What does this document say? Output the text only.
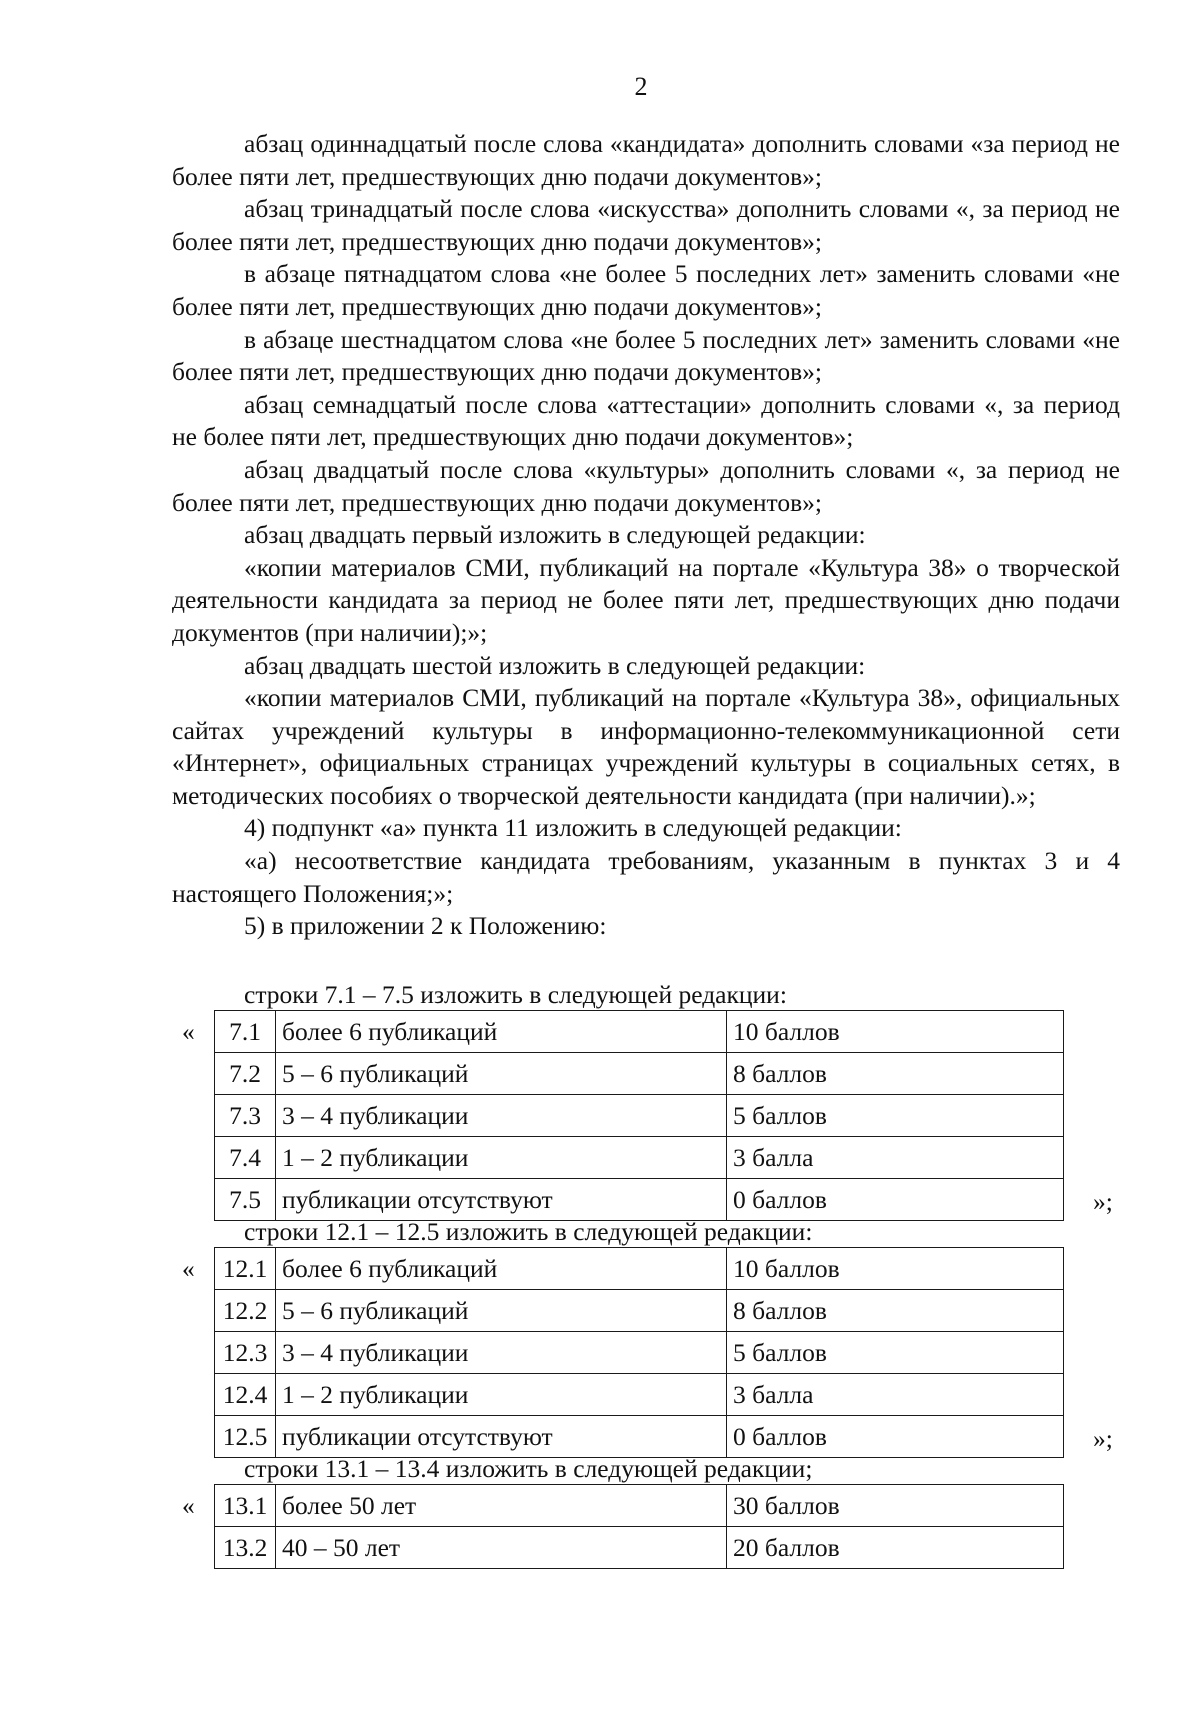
2

абзац одиннадцатый после слова «кандидата» дополнить словами «за период не более пяти лет, предшествующих дню подачи документов»;

абзац тринадцатый после слова «искусства» дополнить словами «, за период не более пяти лет, предшествующих дню подачи документов»;

в абзаце пятнадцатом слова «не более 5 последних лет» заменить словами «не более пяти лет, предшествующих дню подачи документов»;

в абзаце шестнадцатом слова «не более 5 последних лет» заменить словами «не более пяти лет, предшествующих дню подачи документов»;

абзац семнадцатый после слова «аттестации» дополнить словами «, за период не более пяти лет, предшествующих дню подачи документов»;

абзац двадцатый после слова «культуры» дополнить словами «, за период не более пяти лет, предшествующих дню подачи документов»;

абзац двадцать первый изложить в следующей редакции:

«копии материалов СМИ, публикаций на портале «Культура 38» о творческой деятельности кандидата за период не более пяти лет, предшествующих дню подачи документов (при наличии);»;

абзац двадцать шестой изложить в следующей редакции:

«копии материалов СМИ, публикаций на портале «Культура 38», официальных сайтах учреждений культуры в информационно-телекоммуникационной сети «Интернет», официальных страницах учреждений культуры в социальных сетях, в методических пособиях о творческой деятельности кандидата (при наличии).»;

4) подпункт «а» пункта 11 изложить в следующей редакции:

«а) несоответствие кандидата требованиям, указанным в пунктах 3 и 4 настоящего Положения;»;

5) в приложении 2 к Положению:

строки 7.1 – 7.5 изложить в следующей редакции:
« 7.1	более 6 публикаций	10 баллов
7.2	5 – 6 публикаций	8 баллов
7.3	3 – 4 публикации	5 баллов
7.4	1 – 2 публикации	3 балла
7.5	публикации отсутствуют	0 баллов	»;
строки 12.1 – 12.5 изложить в следующей редакции:
« 12.1	более 6 публикаций	10 баллов
12.2	5 – 6 публикаций	8 баллов
12.3	3 – 4 публикации	5 баллов
12.4	1 – 2 публикации	3 балла
12.5	публикации отсутствуют	0 баллов	»;
строки 13.1 – 13.4 изложить в следующей редакции;
« 13.1	более 50 лет	30 баллов
13.2	40 – 50 лет	20 баллов
